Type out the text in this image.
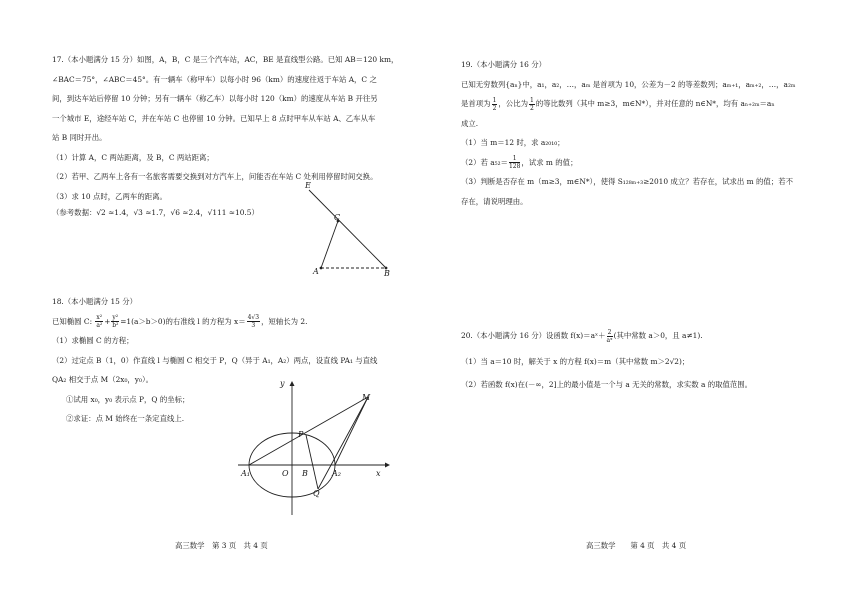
17.（本小题满分 15 分）如图，A，B，C 是三个汽车站，AC，BE 是直线型公路。已知 AB＝120 km，

∠BAC＝75°，∠ABC＝45°。有一辆车（称甲车）以每小时 96（km）的速度往返于车站 A，C 之

间，到达车站后停留 10 分钟；另有一辆车（称乙车）以每小时 120（km）的速度从车站 B 开往另

一个城市 E，途经车站 C，并在车站 C 也停留 10 分钟。已知早上 8 点时甲车从车站 A、乙车从车

站 B 同时开出。

（1）计算 A，C 两站距离，及 B，C 两站距离；

（2）若甲、乙两车上各有一名旅客需要交换到对方汽车上，问能否在车站 C 处利用停留时间交换。

（3）求 10 点时，乙两车的距离。

（参考数据：√2 ≈1.4，√3 ≈1.7，√6 ≈2.4，√111 ≈10.5）

E
C
A	B

18.（本小题满分 15 分）

已知椭圆 C: $\frac{\text{x²}}{\text{a²}} + \frac{\text{y²}}{\text{b²}} =1(a>b>0)$的右准线 l 的方程为 $x= \frac{4√3}{3}$ ，短轴长为 2.

（1）求椭圆 C 的方程；

（2）过定点 B（1，0）作直线 l 与椭圆 C 相交于 P，Q（异于 A₁，A₂）两点，设直线 PA₁ 与直线

QA₂ 相交于点 M（2x₀，y₀）。

①试用 x₀，y₀ 表示点 P，Q 的坐标；

②求证：点 M 始终在一条定直线上.

y
M
P
A₁	O B	A₂	x
Q
高三数学　第 3 页　共 4 页

19.（本小题满分 16 分）

已知无穷数列{aₙ}中，a₁，a₂，…，aₘ 是首项为 10，公差为－2 的等差数列；aₘ₊₁，aₘ₊₂，…，a₂ₘ

是首项为 $\frac{1}{2}$ ，公比为 $\frac{1}{2}$ 的等比数列（其中 m≥3，m∈N*），并对任意的 n∈N*，均有 aₙ₊₂ₘ＝aₙ

成立.

（1）当 m＝12 时，求 a₂₀₁₀；

（2）若 $a_{52}= \frac{1}{128}$ ，试求 m 的值；

（3）判断是否存在 m（m≥3，m∈N*），使得 S₁₂₈ₘ₊₃≥2010 成立？若存在，试求出 m 的值；若不

存在，请说明理由。

20.（本小题满分 16 分）设函数 f(x)＝aˣ＋ $\frac{2}{\text{aˣ}}$ (其中常数 a＞0，且 a≠1).

（1）当 a＝10 时，解关于 x 的方程 f(x)＝m（其中常数 m＞2√2)；

（2）若函数 f(x)在(－∞，2]上的最小值是一个与 a 无关的常数，求实数 a 的取值范围。

高三数学　　第 4 页　共 4 页
